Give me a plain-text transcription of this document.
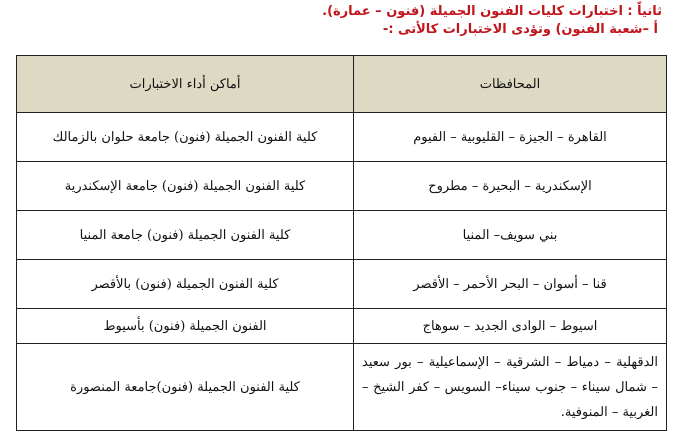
ثانياً : اختبارات كليات الفنون الجميلة (فنون – عمارة).
أ –شعبة الفنون) وتؤدى الاختبارات كالأتى :-
المحافظات	أماكن أداء الاختبارات
القاهرة – الجيزة – القليوبية – الفيوم	كلية الفنون الجميلة (فنون) جامعة حلوان بالزمالك
الإسكندرية – البحيرة – مطروح	كلية الفنون الجميلة (فنون) جامعة الإسكندرية
بني سويف– المنيا	كلية الفنون الجميلة (فنون) جامعة المنيا
قنا – أسوان – البحر الأحمر – الأقصر	كلية الفنون الجميلة (فنون) بالأقصر
اسيوط – الوادى الجديد – سوهاج	الفنون الجميلة (فنون) بأسيوط
الدقهلية – دمياط – الشرقية – الإسماعيلية – بور سعيد – شمال سيناء – جنوب سيناء– السويس – كفر الشيخ – الغربية – المنوفية.	كلية الفنون الجميلة (فنون)جامعة المنصورة
